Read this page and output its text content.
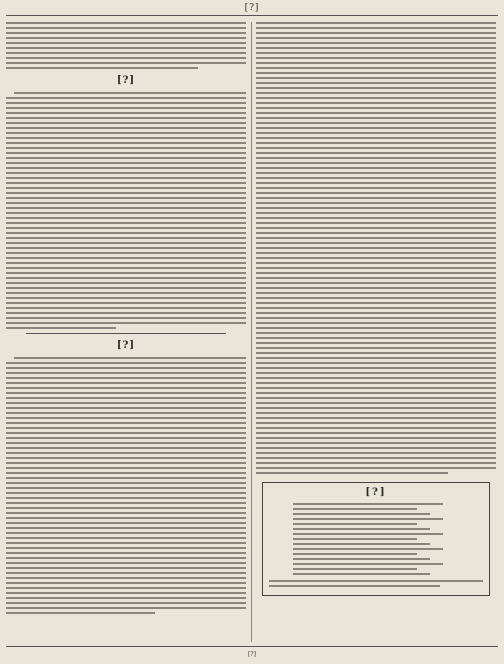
[?]
[?]
[?]
[?]
[?]
